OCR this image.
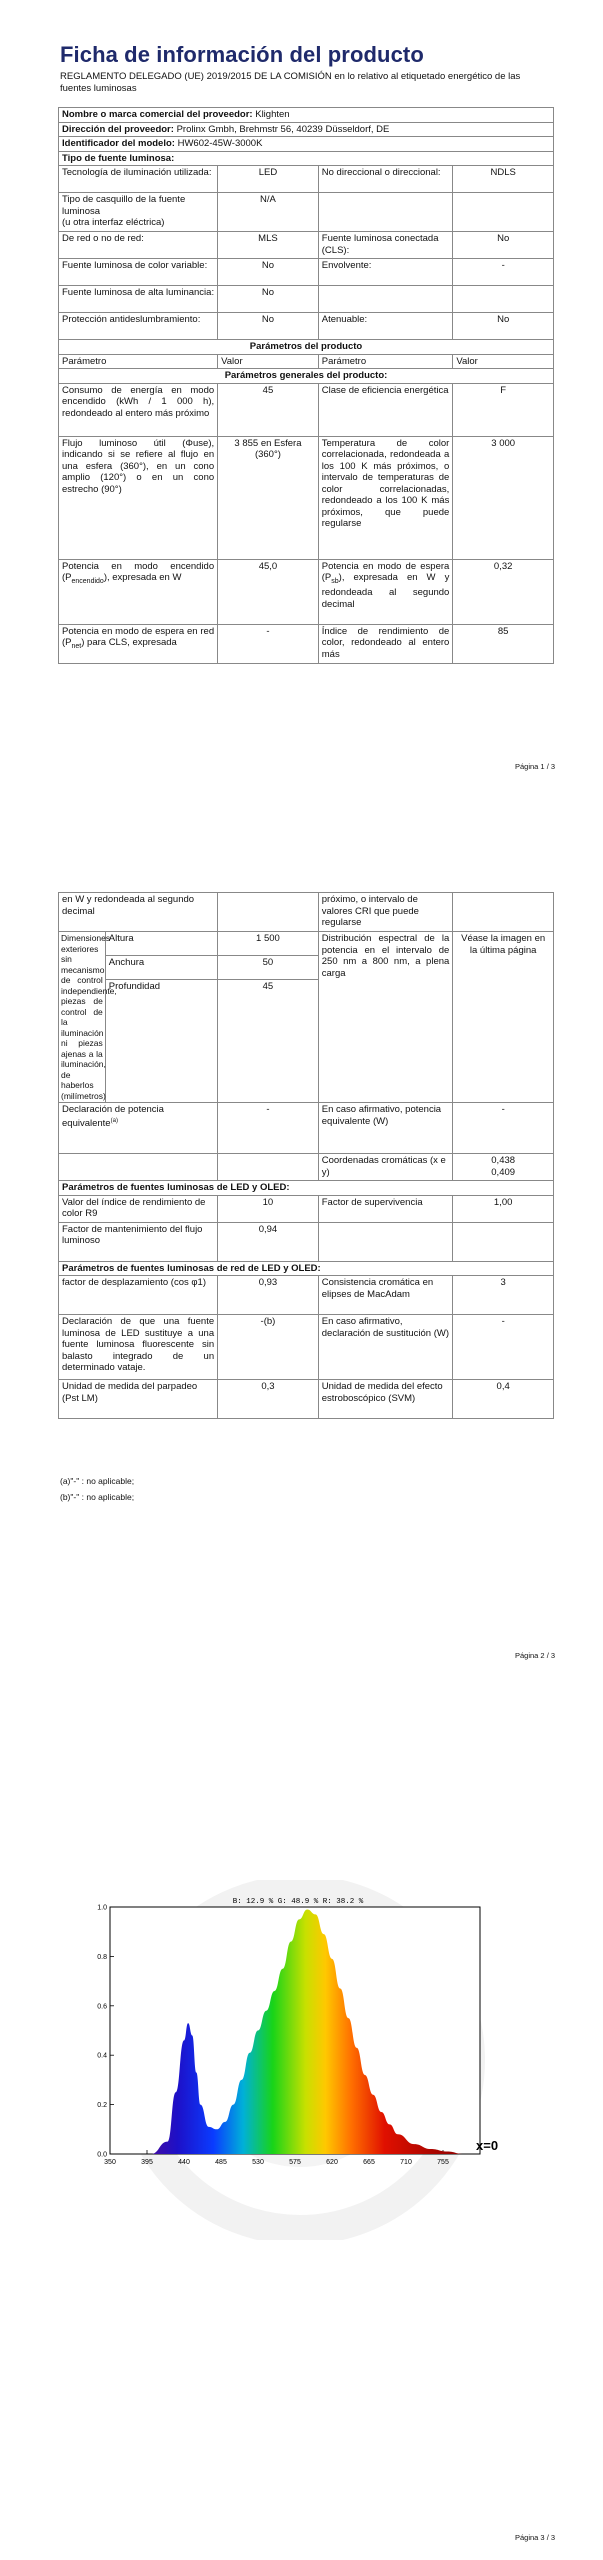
Ficha de información del producto
REGLAMENTO DELEGADO (UE) 2019/2015 DE LA COMISIÓN en lo relativo al etiquetado energético de las fuentes luminosas
Nombre o marca comercial del proveedor: Klighten			
Dirección del proveedor: Prolinx Gmbh, Brehmstr 56, 40239 Düsseldorf, DE			
Identificador del modelo: HW602-45W-3000K			
Tipo de fuente luminosa:			
Tecnología de iluminación utilizada:	LED	No direccional o direccional:	NDLS
Tipo de casquillo de la fuente luminosa
(u otra interfaz eléctrica)	N/A		
De red o no de red:	MLS	Fuente luminosa conectada (CLS):	No
Fuente luminosa de color variable:	No	Envolvente:	-
Fuente luminosa de alta luminancia:	No		
Protección antideslumbramiento:	No	Atenuable:	No
Parámetros del producto			
Parámetro	Valor	Parámetro	Valor
Parámetros generales del producto:			
Consumo de energía en modo encendido (kWh / 1 000 h), redondeado al entero más próximo	45	Clase de eficiencia energética	F
Flujo luminoso útil (Φuse), indicando si se refiere al flujo en una esfera (360°), en un cono amplio (120°) o en un cono estrecho (90°)	3 855 en Esfera (360°)	Temperatura de color correlacionada, redondeada a los 100 K más próximos, o intervalo de temperaturas de color correlacionadas, redondeado a los 100 K más próximos, que puede regularse	3 000
Potencia en modo encendido $(P_{encendido})$, expresada en W	45,0	Potencia en modo de espera $(P_{sb})$, expresada en W y redondeada al segundo decimal	0,32
Potencia en modo de espera en red $(P_{net})$ para CLS, expresada	-	Índice de rendimiento de color, redondeado al entero más	85
Página 1 / 3
en W y redondeada al segundo decimal			próximo, o intervalo de valores CRI que puede regularse	

Dimensiones exteriores sin mecanismo de control independiente, piezas de control de la iluminación ni piezas ajenas a la iluminación, de haberlos (milímetros)	Altura	1 500	Distribución espectral de la potencia en el intervalo de 250 nm a 800 nm, a plena carga	Véase la imagen en la última página
	Anchura	50		
	Profundidad	45		
Declaración de potencia equivalente$^{(a)}$		-	En caso afirmativo, potencia equivalente (W)	-
			Coordenadas cromáticas (x e y)	0,438
0,409
Parámetros de fuentes luminosas de LED y OLED:				
Valor del índice de rendimiento de color R9		10	Factor de supervivencia	1,00
Factor de mantenimiento del flujo luminoso		0,94		
Parámetros de fuentes luminosas de red de LED y OLED:				
factor de desplazamiento (cos φ1)		0,93	Consistencia cromática en elipses de MacAdam	3
Declaración de que una fuente luminosa de LED sustituye a una fuente luminosa fluorescente sin balasto integrado de un determinado vataje.		-(b)	En caso afirmativo, declaración de sustitución (W)	-
Unidad de medida del parpadeo (Pst LM)		0,3	Unidad de medida del efecto estroboscópico (SVM)	0,4
(a)"-" : no aplicable;
(b)"-" : no aplicable;
Página 2 / 3
0.0
0.2
0.4
0.6
0.8
1.0
350	395	440	485	530	575	620	665	710	755
B: 12.9 % G: 48.9 % R: 38.2 %
x=0
Página 3 / 3
